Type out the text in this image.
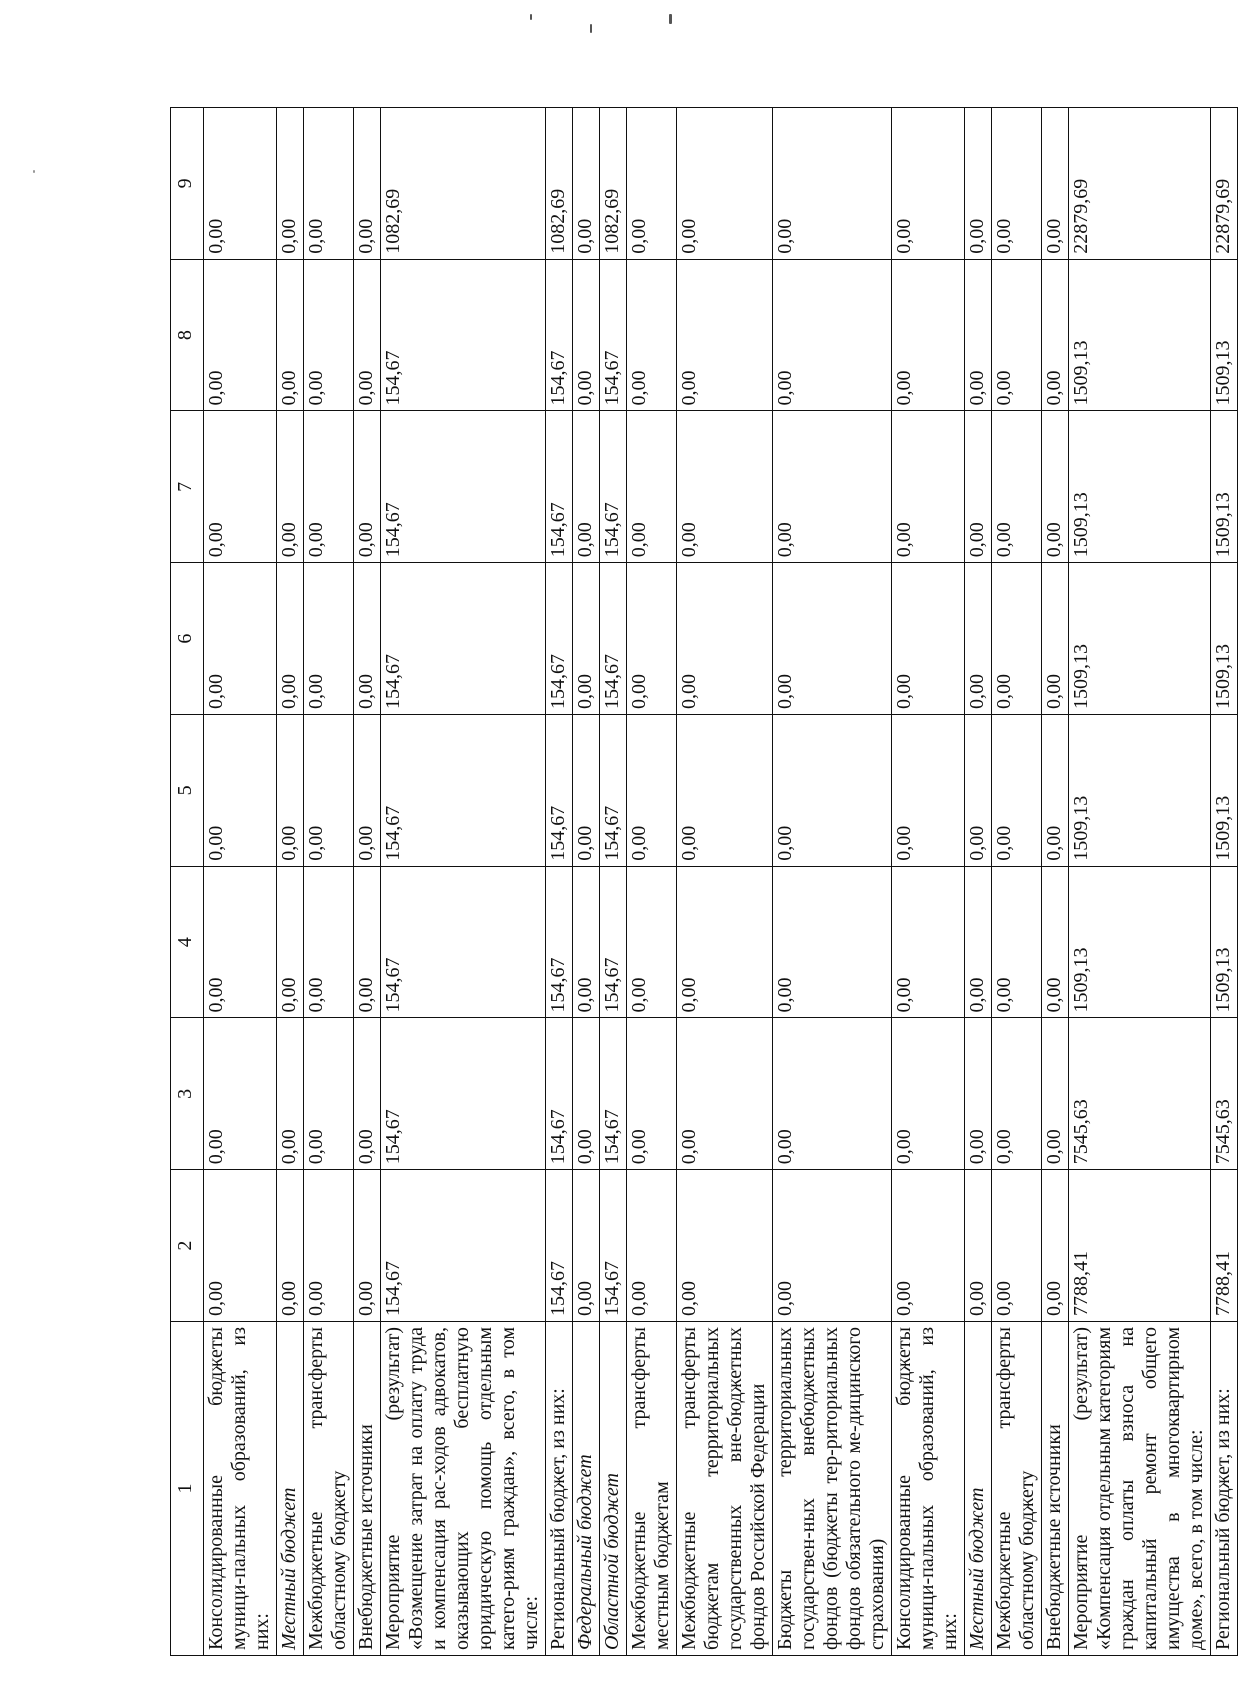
1	2	3	4	5	6	7	8	9
Консолидированные бюджеты муници-пальных образований, из них:	0,00	0,00	0,00	0,00	0,00	0,00	0,00	0,00
Местный бюджет	0,00	0,00	0,00	0,00	0,00	0,00	0,00	0,00
Межбюджетные трансферты областному бюджету	0,00	0,00	0,00	0,00	0,00	0,00	0,00	0,00
Внебюджетные источники	0,00	0,00	0,00	0,00	0,00	0,00	0,00	0,00
Мероприятие (результат) «Возмещение затрат на оплату труда и компенсация рас-ходов адвокатов, оказывающих бесплатную юридическую помощь отдельным катего-риям граждан», всего, в том числе:	154,67	154,67	154,67	154,67	154,67	154,67	154,67	1082,69
Региональный бюджет, из них:	154,67	154,67	154,67	154,67	154,67	154,67	154,67	1082,69
Федеральный бюджет	0,00	0,00	0,00	0,00	0,00	0,00	0,00	0,00
Областной бюджет	154,67	154,67	154,67	154,67	154,67	154,67	154,67	1082,69
Межбюджетные трансферты местным бюджетам	0,00	0,00	0,00	0,00	0,00	0,00	0,00	0,00
Межбюджетные трансферты бюджетам территориальных государственных вне-бюджетных фондов Российской Федерации	0,00	0,00	0,00	0,00	0,00	0,00	0,00	0,00
Бюджеты территориальных государствен-ных внебюджетных фондов (бюджеты тер-риториальных фондов обязательного ме-дицинского страхования)	0,00	0,00	0,00	0,00	0,00	0,00	0,00	0,00
Консолидированные бюджеты муници-пальных образований, из них:	0,00	0,00	0,00	0,00	0,00	0,00	0,00	0,00
Местный бюджет	0,00	0,00	0,00	0,00	0,00	0,00	0,00	0,00
Межбюджетные трансферты областному бюджету	0,00	0,00	0,00	0,00	0,00	0,00	0,00	0,00
Внебюджетные источники	0,00	0,00	0,00	0,00	0,00	0,00	0,00	0,00
Мероприятие (результат) «Компенсация отдельным категориям граждан оплаты взноса на капитальный ремонт общего имущества в многоквартирном доме», всего, в том числе:	7788,41	7545,63	1509,13	1509,13	1509,13	1509,13	1509,13	22879,69
Региональный бюджет, из них:	7788,41	7545,63	1509,13	1509,13	1509,13	1509,13	1509,13	22879,69
